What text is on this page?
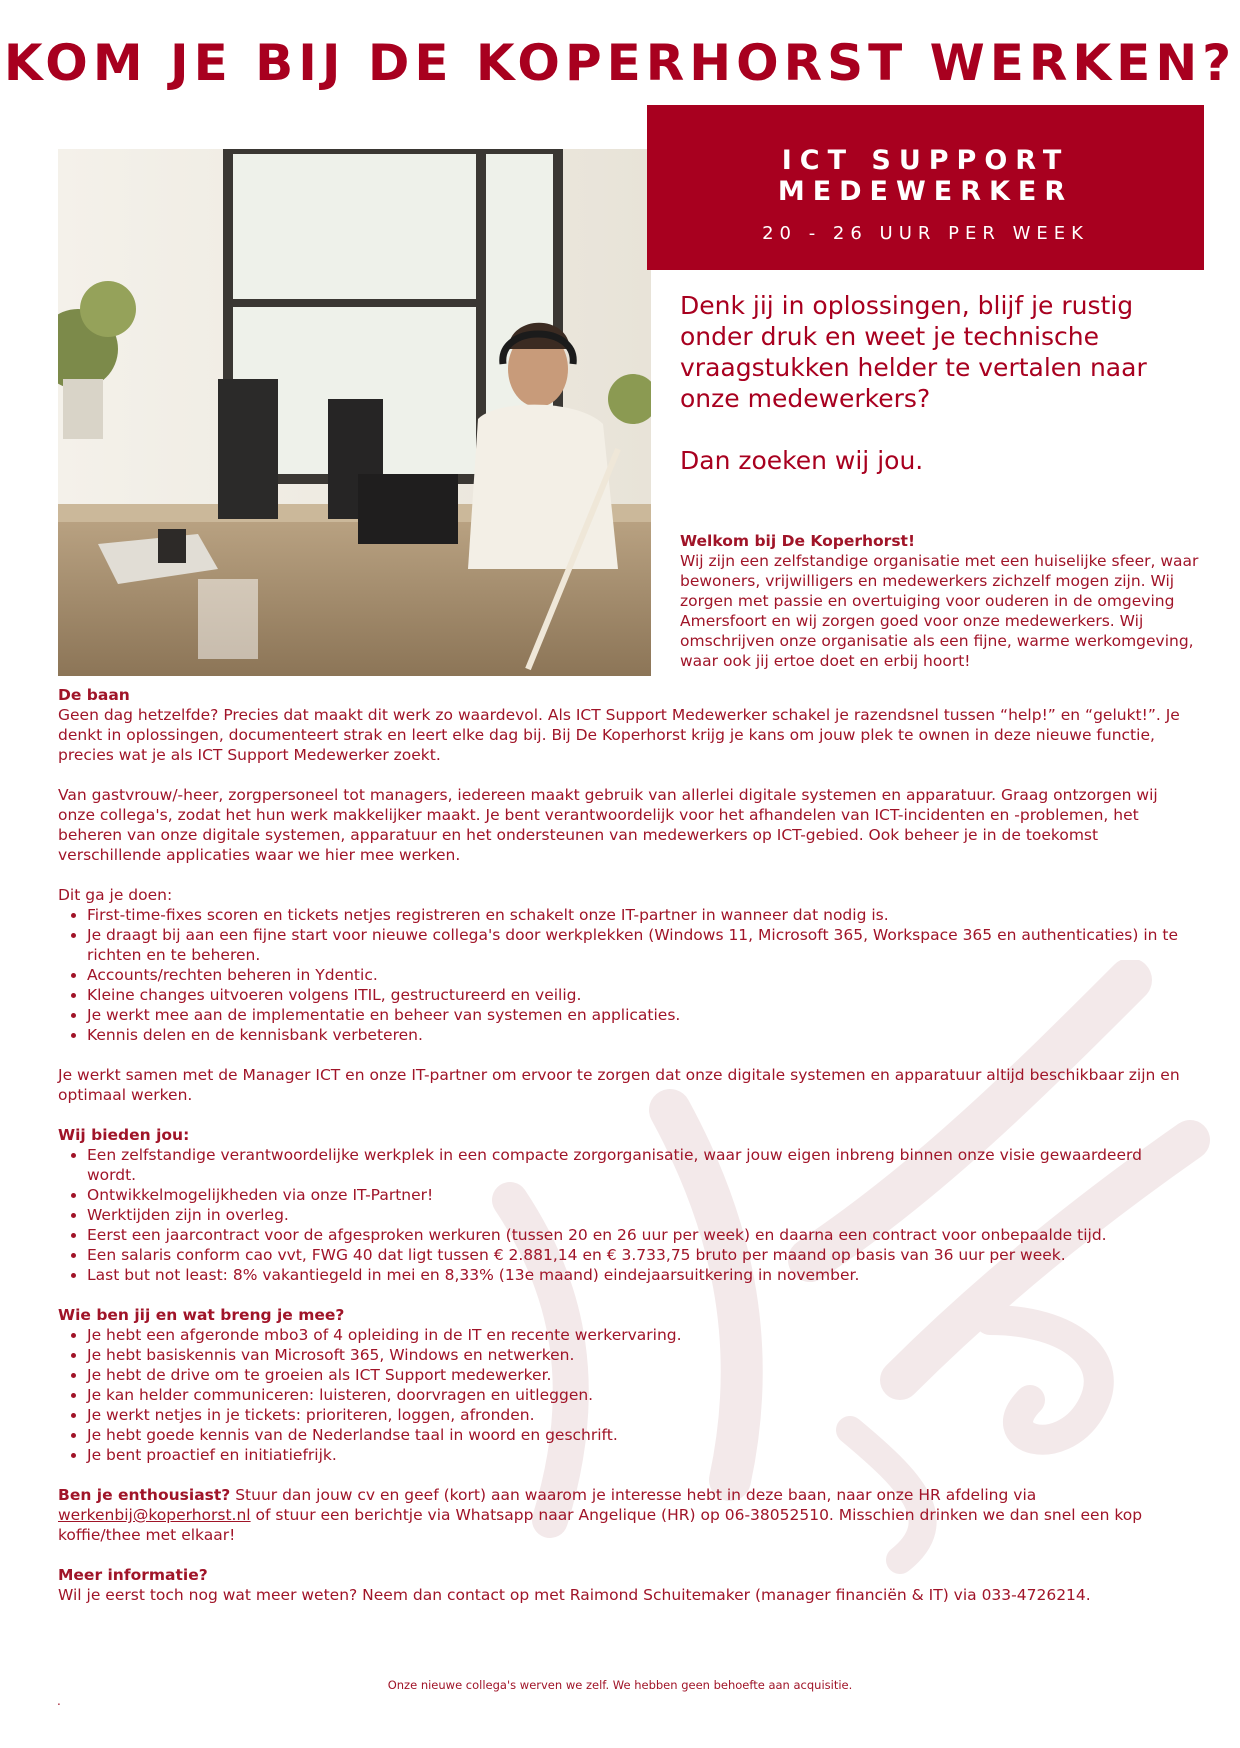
KOM JE BIJ DE KOPERHORST WERKEN?
ICT SUPPORT MEDEWERKER
20 - 26 UUR PER WEEK

Denk jij in oplossingen, blijf je rustig onder druk en weet je technische vraagstukken helder te vertalen naar onze medewerkers?

Dan zoeken wij jou.

Welkom bij De Koperhorst!

Wij zijn een zelfstandige organisatie met een huiselijke sfeer, waar bewoners, vrijwilligers en medewerkers zichzelf mogen zijn. Wij zorgen met passie en overtuiging voor ouderen in de omgeving Amersfoort en wij zorgen goed voor onze medewerkers. Wij omschrijven onze organisatie als een fijne, warme werkomgeving, waar ook jij ertoe doet en erbij hoort!

De baan

Geen dag hetzelfde? Precies dat maakt dit werk zo waardevol. Als ICT Support Medewerker schakel je razendsnel tussen “help!” en “gelukt!”. Je denkt in oplossingen, documenteert strak en leert elke dag bij. Bij De Koperhorst krijg je kans om jouw plek te ownen in deze nieuwe functie, precies wat je als ICT Support Medewerker zoekt.

Van gastvrouw/-heer, zorgpersoneel tot managers, iedereen maakt gebruik van allerlei digitale systemen en apparatuur. Graag ontzorgen wij onze collega's, zodat het hun werk makkelijker maakt. Je bent verantwoordelijk voor het afhandelen van ICT-incidenten en -problemen, het beheren van onze digitale systemen, apparatuur en het ondersteunen van medewerkers op ICT-gebied. Ook beheer je in de toekomst verschillende applicaties waar we hier mee werken.

Dit ga je doen:

• First-time-fixes scoren en tickets netjes registreren en schakelt onze IT-partner in wanneer dat nodig is.
• Je draagt bij aan een fijne start voor nieuwe collega's door werkplekken (Windows 11, Microsoft 365, Workspace 365 en authenticaties) in te richten en te beheren.
• Accounts/rechten beheren in Ydentic.
• Kleine changes uitvoeren volgens ITIL, gestructureerd en veilig.
• Je werkt mee aan de implementatie en beheer van systemen en applicaties.
• Kennis delen en de kennisbank verbeteren.

Je werkt samen met de Manager ICT en onze IT-partner om ervoor te zorgen dat onze digitale systemen en apparatuur altijd beschikbaar zijn en optimaal werken.

Wij bieden jou:

• Een zelfstandige verantwoordelijke werkplek in een compacte zorgorganisatie, waar jouw eigen inbreng binnen onze visie gewaardeerd wordt.
• Ontwikkelmogelijkheden via onze IT-Partner!
• Werktijden zijn in overleg.
• Eerst een jaarcontract voor de afgesproken werkuren (tussen 20 en 26 uur per week) en daarna een contract voor onbepaalde tijd.
• Een salaris conform cao vvt, FWG 40 dat ligt tussen € 2.881,14 en € 3.733,75 bruto per maand op basis van 36 uur per week.
• Last but not least: 8% vakantiegeld in mei en 8,33% (13e maand) eindejaarsuitkering in november.

Wie ben jij en wat breng je mee?

• Je hebt een afgeronde mbo3 of 4 opleiding in de IT en recente werkervaring.
• Je hebt basiskennis van Microsoft 365, Windows en netwerken.
• Je hebt de drive om te groeien als ICT Support medewerker.
• Je kan helder communiceren: luisteren, doorvragen en uitleggen.
• Je werkt netjes in je tickets: prioriteren, loggen, afronden.
• Je hebt goede kennis van de Nederlandse taal in woord en geschrift.
• Je bent proactief en initiatiefrijk.

Ben je enthousiast? Stuur dan jouw cv en geef (kort) aan waarom je interesse hebt in deze baan, naar onze HR afdeling via werkenbij@koperhorst.nl of stuur een berichtje via Whatsapp naar Angelique (HR) op 06-38052510. Misschien drinken we dan snel een kop koffie/thee met elkaar!

Meer informatie?

Wil je eerst toch nog wat meer weten? Neem dan contact op met Raimond Schuitemaker (manager financiën & IT) via 033-4726214.

Onze nieuwe collega's werven we zelf. We hebben geen behoefte aan acquisitie.
.
